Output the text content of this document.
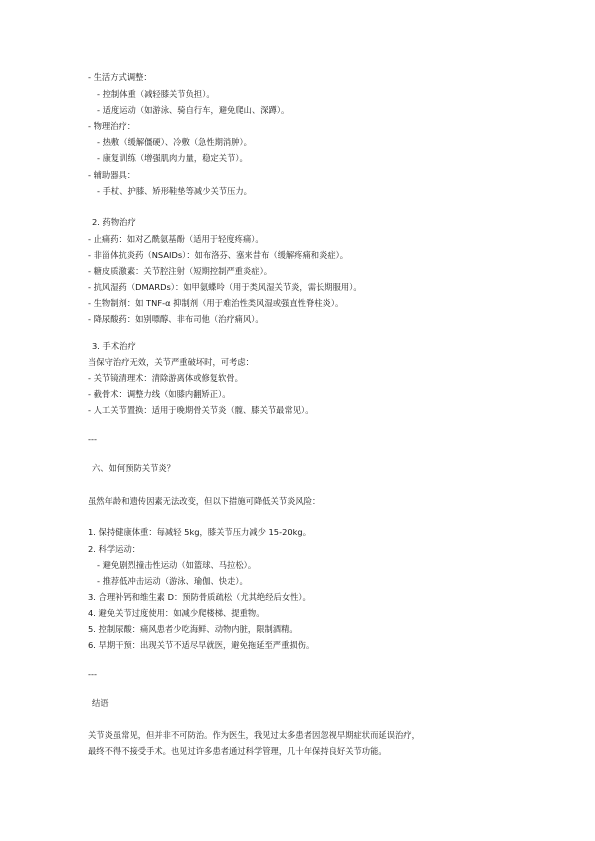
- 生活方式调整：
- 控制体重（减轻膝关节负担）。
- 适度运动（如游泳、骑自行车，避免爬山、深蹲）。
- 物理治疗：
- 热敷（缓解僵硬）、冷敷（急性期消肿）。
- 康复训练（增强肌肉力量，稳定关节）。
- 辅助器具：
- 手杖、护膝、矫形鞋垫等减少关节压力。
2. 药物治疗
- 止痛药：如对乙酰氨基酚（适用于轻度疼痛）。
- 非甾体抗炎药（NSAIDs）：如布洛芬、塞来昔布（缓解疼痛和炎症）。
- 糖皮质激素：关节腔注射（短期控制严重炎症）。
- 抗风湿药（DMARDs）：如甲氨蝶呤（用于类风湿关节炎，需长期服用）。
- 生物制剂：如 TNF-α 抑制剂（用于难治性类风湿或强直性脊柱炎）。
- 降尿酸药：如别嘌醇、非布司他（治疗痛风）。
3. 手术治疗
当保守治疗无效，关节严重破坏时，可考虑：
- 关节镜清理术：清除游离体或修复软骨。
- 截骨术：调整力线（如膝内翻矫正）。
- 人工关节置换：适用于晚期骨关节炎（髋、膝关节最常见）。
---
六、如何预防关节炎？
虽然年龄和遗传因素无法改变，但以下措施可降低关节炎风险：
1. 保持健康体重：每减轻 5kg，膝关节压力减少 15-20kg。
2. 科学运动：
- 避免剧烈撞击性运动（如篮球、马拉松）。
- 推荐低冲击运动（游泳、瑜伽、快走）。
3. 合理补钙和维生素 D：预防骨质疏松（尤其绝经后女性）。
4. 避免关节过度使用：如减少爬楼梯、提重物。
5. 控制尿酸：痛风患者少吃海鲜、动物内脏，限制酒精。
6. 早期干预：出现关节不适尽早就医，避免拖延至严重损伤。
---
结语
关节炎虽常见，但并非不可防治。作为医生，我见过太多患者因忽视早期症状而延误治疗，
最终不得不接受手术。也见过许多患者通过科学管理，几十年保持良好关节功能。
